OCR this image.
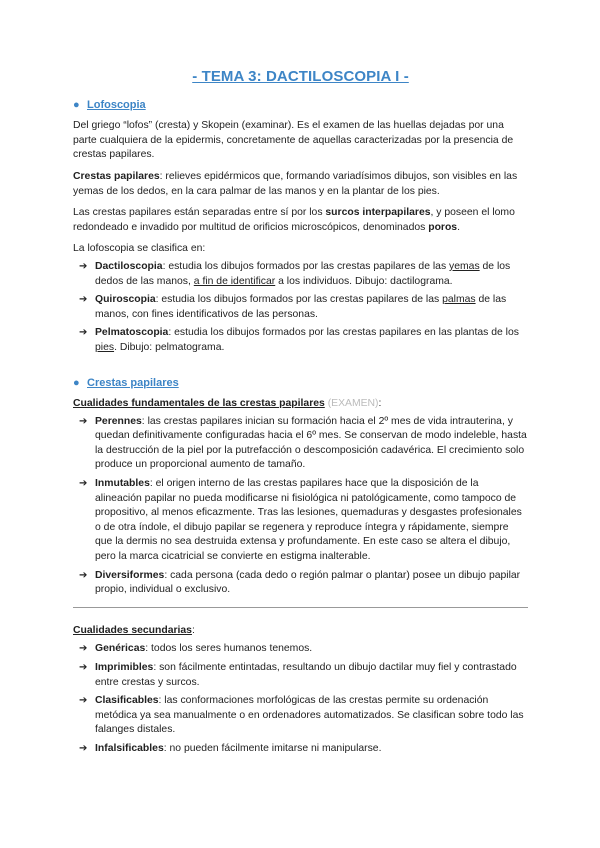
- TEMA 3: DACTILOSCOPIA I -
● Lofoscopia

Del griego “lofos” (cresta) y Skopein (examinar). Es el examen de las huellas dejadas por una parte cualquiera de la epidermis, concretamente de aquellas caracterizadas por la presencia de crestas papilares.

Crestas papilares: relieves epidérmicos que, formando variadísimos dibujos, son visibles en las yemas de los dedos, en la cara palmar de las manos y en la plantar de los pies.

Las crestas papilares están separadas entre sí por los surcos interpapilares, y poseen el lomo redondeado e invadido por multitud de orificios microscópicos, denominados poros.

La lofoscopia se clasifica en:

➔ Dactiloscopia: estudia los dibujos formados por las crestas papilares de las yemas de los dedos de las manos, a fin de identificar a los individuos. Dibujo: dactilograma.
➔ Quiroscopia: estudia los dibujos formados por las crestas papilares de las palmas de las manos, con fines identificativos de las personas.
➔ Pelmatoscopia: estudia los dibujos formados por las crestas papilares en las plantas de los pies. Dibujo: pelmatograma.
● Crestas papilares

Cualidades fundamentales de las crestas papilares (EXAMEN):

➔ Perennes: las crestas papilares inician su formación hacia el 2º mes de vida intrauterina, y quedan definitivamente configuradas hacia el 6º mes. Se conservan de modo indeleble, hasta la destrucción de la piel por la putrefacción o descomposición cadavérica. El crecimiento solo produce un proporcional aumento de tamaño.
➔ Inmutables: el origen interno de las crestas papilares hace que la disposición de la alineación papilar no pueda modificarse ni fisiológica ni patológicamente, como tampoco de propositivo, al menos eficazmente. Tras las lesiones, quemaduras y desgastes profesionales o de otra índole, el dibujo papilar se regenera y reproduce íntegra y rápidamente, siempre que la dermis no sea destruida extensa y profundamente. En este caso se altera el dibujo, pero la marca cicatricial se convierte en estigma inalterable.
➔ Diversiformes: cada persona (cada dedo o región palmar o plantar) posee un dibujo papilar propio, individual o exclusivo.

Cualidades secundarias:

➔ Genéricas: todos los seres humanos tenemos.
➔ Imprimibles: son fácilmente entintadas, resultando un dibujo dactilar muy fiel y contrastado entre crestas y surcos.
➔ Clasificables: las conformaciones morfológicas de las crestas permite su ordenación metódica ya sea manualmente o en ordenadores automatizados. Se clasifican sobre todo las falanges distales.
➔ Infalsificables: no pueden fácilmente imitarse ni manipularse.
